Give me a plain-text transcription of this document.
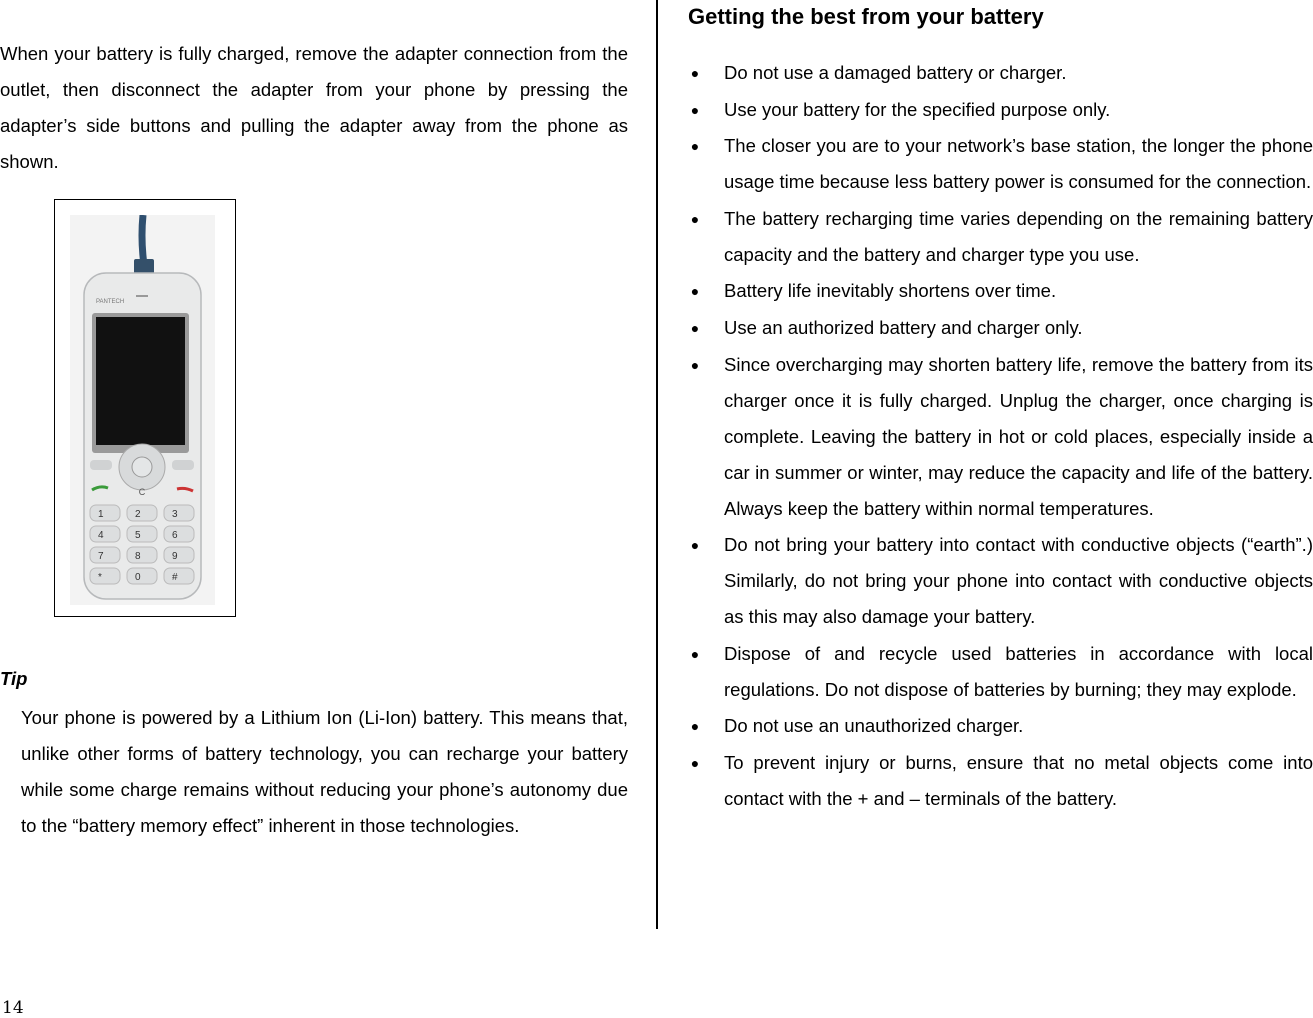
When your battery is fully charged, remove the adapter connection from the outlet, then disconnect the adapter from your phone by pressing the adapter’s side buttons and pulling the adapter away from the phone as shown.

PANTECH
C
1	2	3
4	5	6
7	8	9
*	0	#

Tip

Your phone is powered by a Lithium Ion (Li-Ion) battery. This means that, unlike other forms of battery technology, you can recharge your battery while some charge remains without reducing your phone’s autonomy due to the “battery memory effect” inherent in those technologies.

Getting the best from your battery
● Do not use a damaged battery or charger.
● Use your battery for the specified purpose only.
● The closer you are to your network’s base station, the longer the phone usage time because less battery power is consumed for the connection.
● The battery recharging time varies depending on the remaining battery capacity and the battery and charger type you use.
● Battery life inevitably shortens over time.
● Use an authorized battery and charger only.
● Since overcharging may shorten battery life, remove the battery from its charger once it is fully charged. Unplug the charger, once charging is complete. Leaving the battery in hot or cold places, especially inside a car in summer or winter, may reduce the capacity and life of the battery. Always keep the battery within normal temperatures.
● Do not bring your battery into contact with conductive objects (“earth”.) Similarly, do not bring your phone into contact with conductive objects as this may also damage your battery.
● Dispose of and recycle used batteries in accordance with local regulations. Do not dispose of batteries by burning; they may explode.
● Do not use an unauthorized charger.
● To prevent injury or burns, ensure that no metal objects come into contact with the + and – terminals of the battery.
14
